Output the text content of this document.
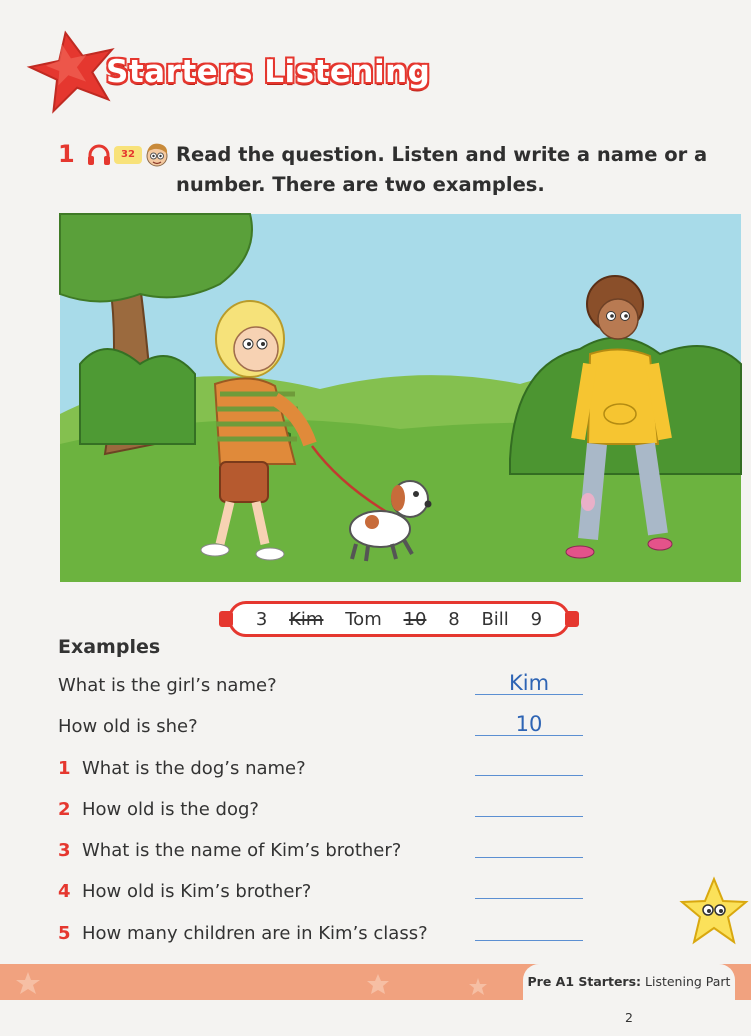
Starters Listening
1	32	Read the question. Listen and write a name or a number. There are two examples.
3 Kim Tom 10 8 Bill 9
Examples
What is the girl’s name?	Kim
How old is she?	10
1 What is the dog’s name?
2 How old is the dog?
3 What is the name of Kim’s brother?
4 How old is Kim’s brother?
5 How many children are in Kim’s class?
Pre A1 Starters: Listening Part 2
